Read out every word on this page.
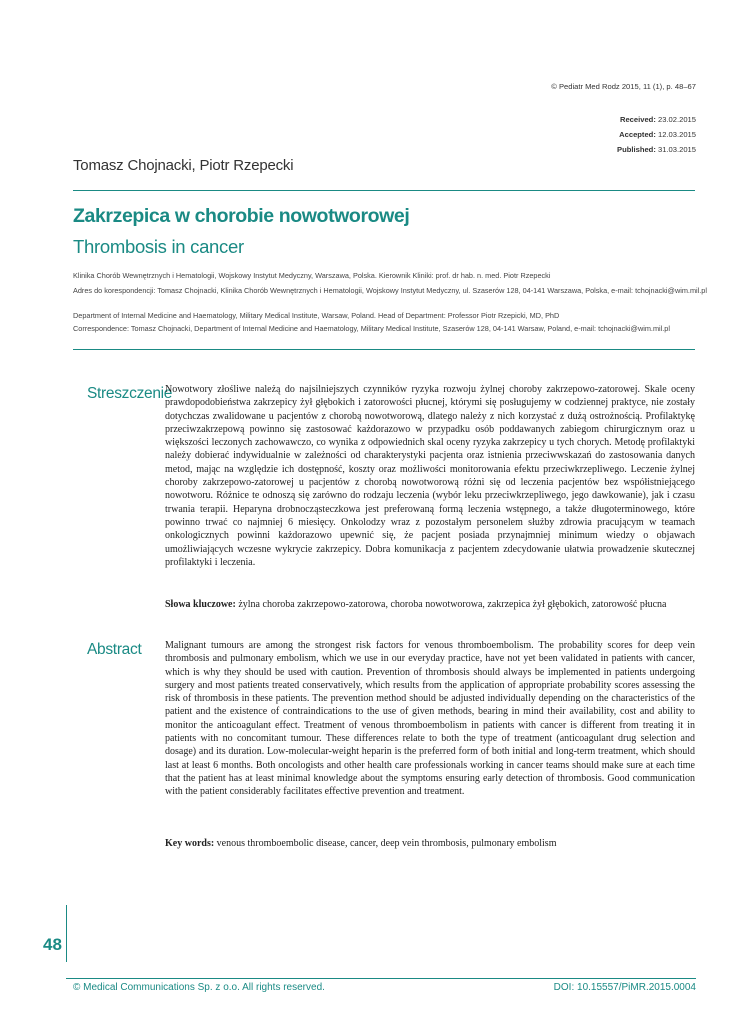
© Pediatr Med Rodz 2015, 11 (1), p. 48–67
Received: 23.02.2015
Accepted: 12.03.2015
Published: 31.03.2015
Tomasz Chojnacki, Piotr Rzepecki
Zakrzepica w chorobie nowotworowej
Thrombosis in cancer
Klinika Chorób Wewnętrznych i Hematologii, Wojskowy Instytut Medyczny, Warszawa, Polska. Kierownik Kliniki: prof. dr hab. n. med. Piotr Rzepecki
Adres do korespondencji: Tomasz Chojnacki, Klinika Chorób Wewnętrznych i Hematologii, Wojskowy Instytut Medyczny, ul. Szaserów 128, 04-141 Warszawa, Polska, e-mail: tchojnacki@wim.mil.pl
Department of Internal Medicine and Haematology, Military Medical Institute, Warsaw, Poland. Head of Department: Professor Piotr Rzepicki, MD, PhD
Correspondence: Tomasz Chojnacki, Department of Internal Medicine and Haematology, Military Medical Institute, Szaserów 128, 04-141 Warsaw, Poland, e-mail: tchojnacki@wim.mil.pl
Streszczenie
Nowotwory złośliwe należą do najsilniejszych czynników ryzyka rozwoju żylnej choroby zakrzepowo-zatorowej. Skale oceny prawdopodobieństwa zakrzepicy żył głębokich i zatorowości płucnej, którymi się posługujemy w codziennej praktyce, nie zostały dotychczas zwalidowane u pacjentów z chorobą nowotworową, dlatego należy z nich korzystać z dużą ostrożnością. Profilaktykę przeciwzakrzepową powinno się zastosować każdorazowo w przypadku osób poddawanych zabiegom chirurgicznym oraz u większości leczonych zachowawczo, co wynika z odpowiednich skal oceny ryzyka zakrzepicy u tych chorych. Metodę profilaktyki należy dobierać indywidualnie w zależności od charakterystyki pacjenta oraz istnienia przeciwwskazań do zastosowania danych metod, mając na względzie ich dostępność, koszty oraz możliwości monitorowania efektu przeciwkrzepliwego. Leczenie żylnej choroby zakrzepowo-zatorowej u pacjentów z chorobą nowotworową różni się od leczenia pacjentów bez współistniejącego nowotworu. Różnice te odnoszą się zarówno do rodzaju leczenia (wybór leku przeciwkrzepliwego, jego dawkowanie), jak i czasu trwania terapii. Heparyna drobnocząsteczkowa jest preferowaną formą leczenia wstępnego, a także długoterminowego, które powinno trwać co najmniej 6 miesięcy. Onkolodzy wraz z pozostałym personelem służby zdrowia pracującym w teamach onkologicznych powinni każdorazowo upewnić się, że pacjent posiada przynajmniej minimum wiedzy o objawach umożliwiających wczesne wykrycie zakrzepicy. Dobra komunikacja z pacjentem zdecydowanie ułatwia prowadzenie skutecznej profilaktyki i leczenia.
Słowa kluczowe: żylna choroba zakrzepowo-zatorowa, choroba nowotworowa, zakrzepica żył głębokich, zatorowość płucna
Abstract Malignant tumours are among the strongest risk factors for venous thromboembolism. The probability scores for deep vein thrombosis and pulmonary embolism, which we use in our everyday practice, have not yet been validated in patients with cancer, which is why they should be used with caution. Prevention of thrombosis should always be implemented in patients undergoing surgery and most patients treated conservatively, which results from the application of appropriate probability scores assessing the risk of thrombosis in these patients. The prevention method should be adjusted individually depending on the characteristics of the patient and the existence of contraindications to the use of given methods, bearing in mind their availability, cost and ability to monitor the anticoagulant effect. Treatment of venous thromboembolism in patients with cancer is different from treating it in patients with no concomitant tumour. These differences relate to both the type of treatment (anticoagulant drug selection and dosage) and its duration. Low-molecular-weight heparin is the preferred form of both initial and long-term treatment, which should last at least 6 months. Both oncologists and other health care professionals working in cancer teams should make sure at each time that the patient has at least minimal knowledge about the symptoms ensuring early detection of thrombosis. Good communication with the patient considerably facilitates effective prevention and treatment.
Key words: venous thromboembolic disease, cancer, deep vein thrombosis, pulmonary embolism
48
© Medical Communications Sp. z o.o. All rights reserved.	DOI: 10.15557/PiMR.2015.0004
